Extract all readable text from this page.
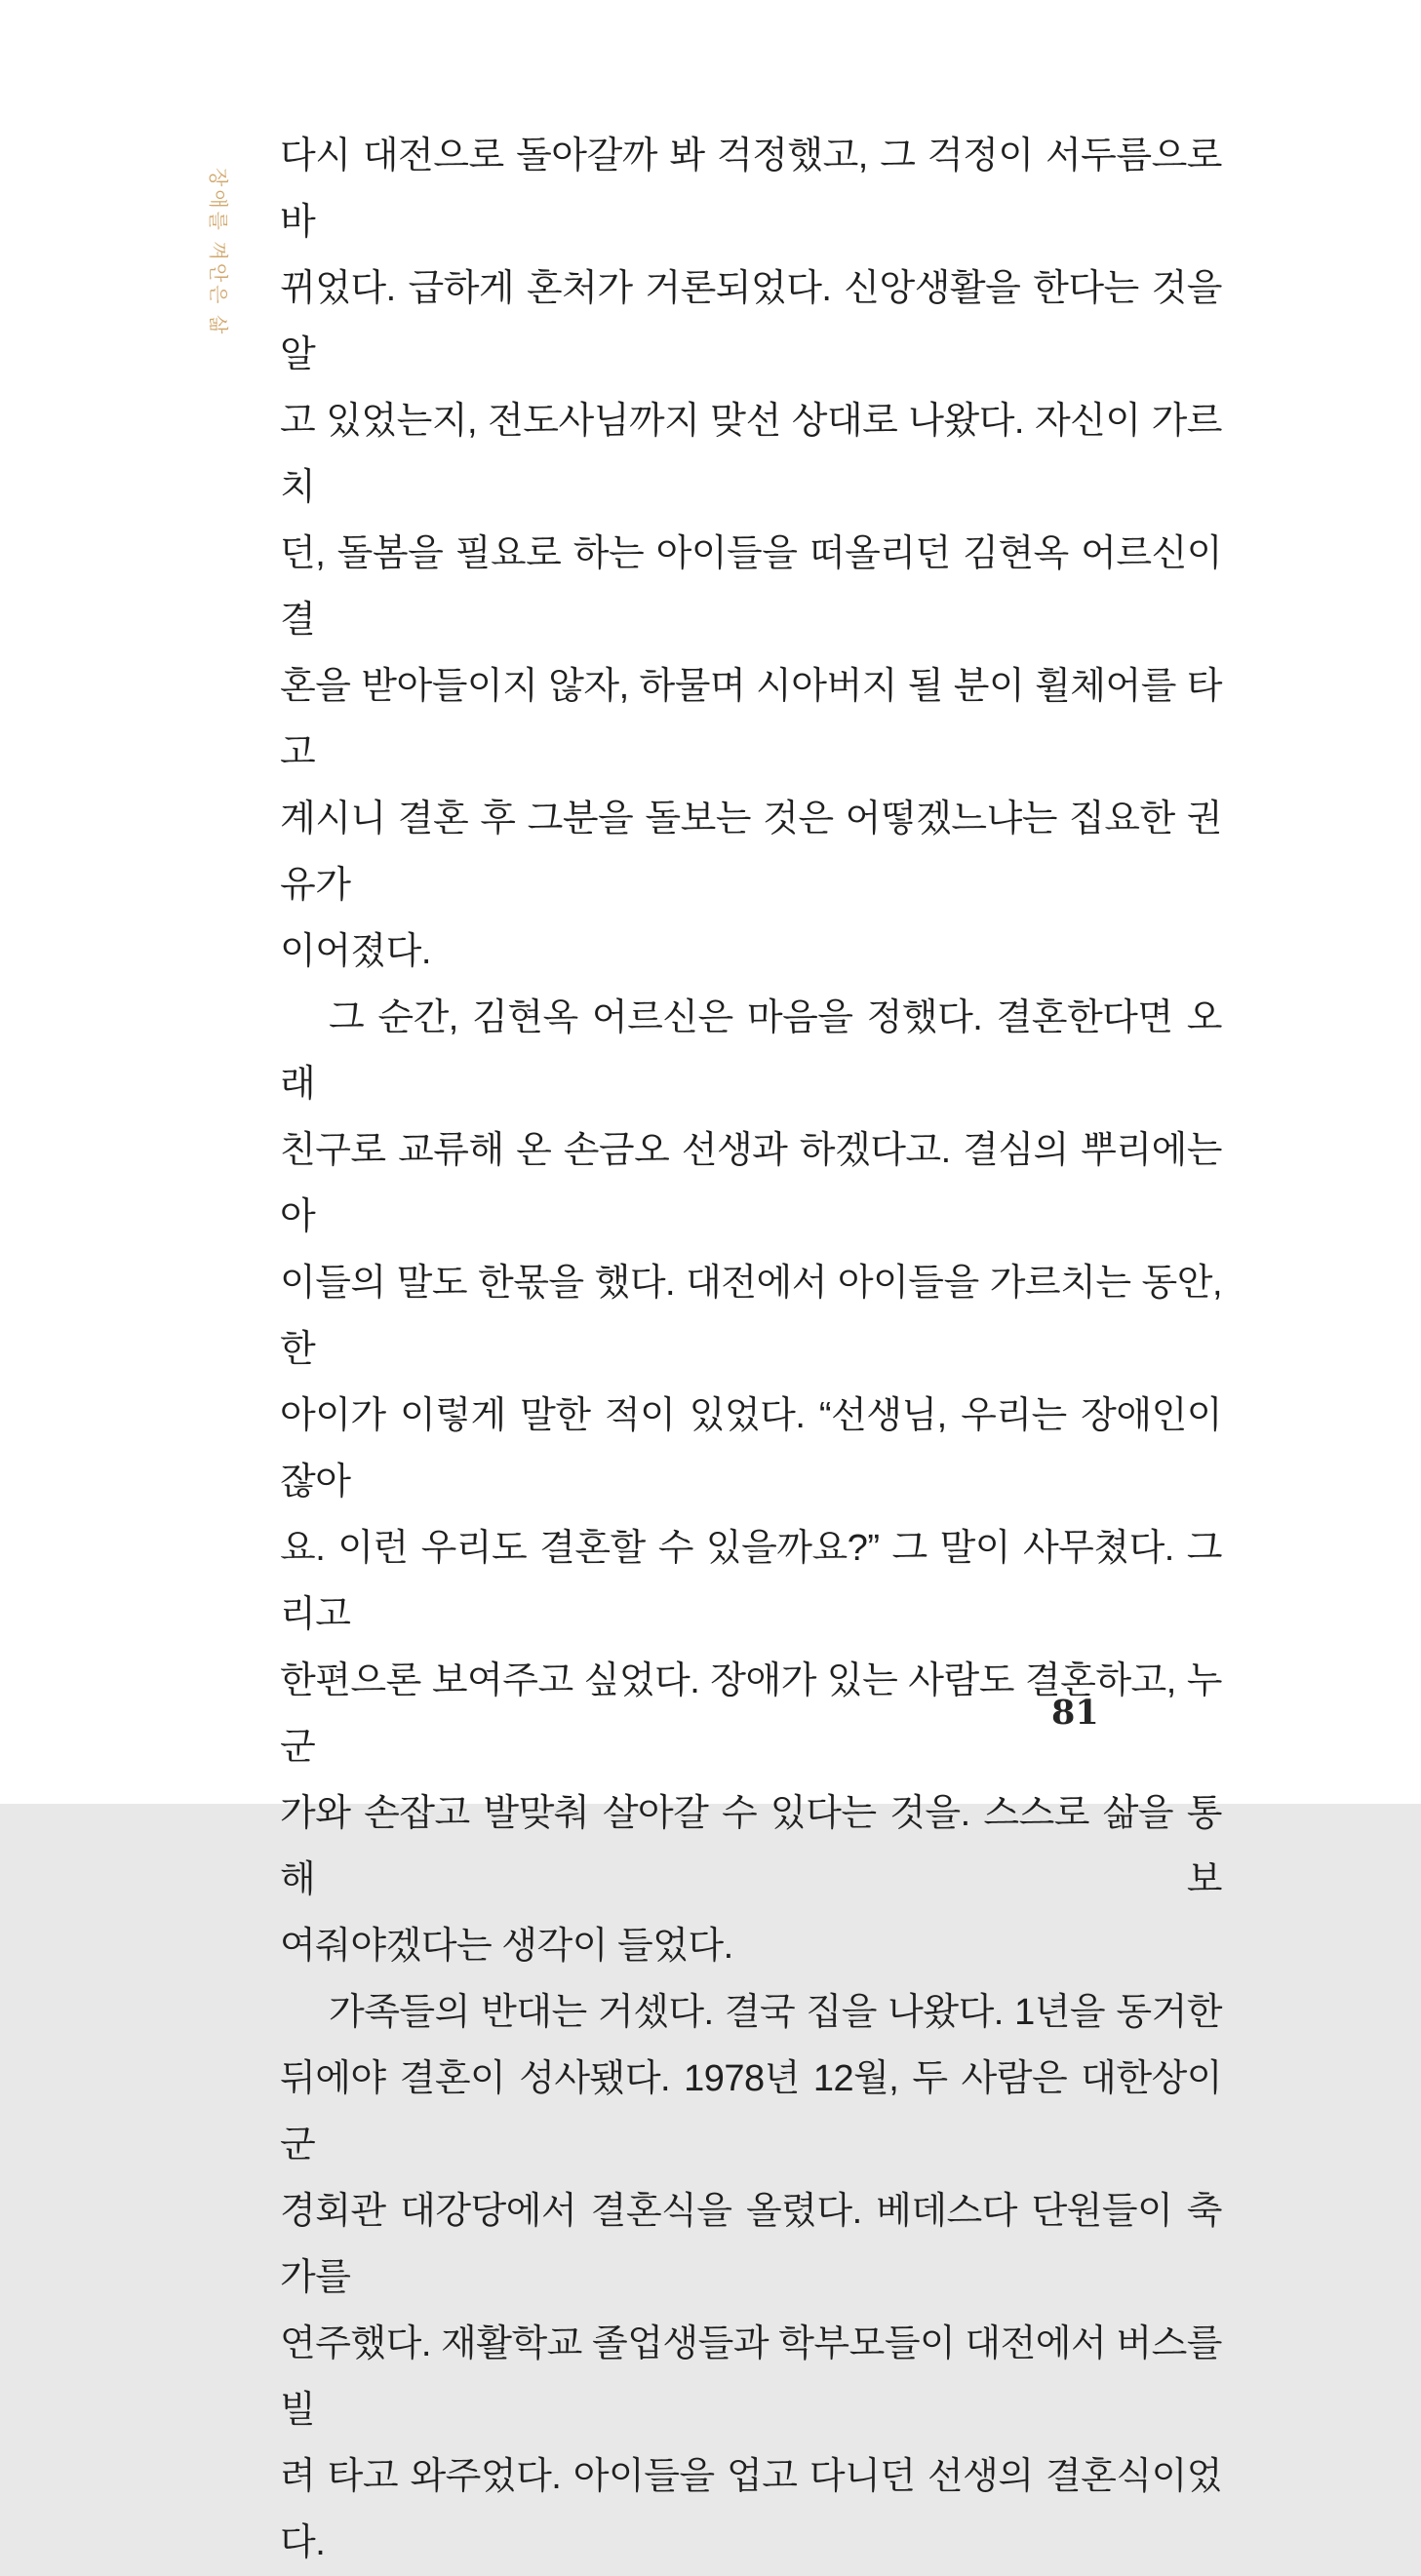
장애를 껴안은 삶
다시 대전으로 돌아갈까 봐 걱정했고, 그 걱정이 서두름으로 바
뀌었다. 급하게 혼처가 거론되었다. 신앙생활을 한다는 것을 알
고 있었는지, 전도사님까지 맞선 상대로 나왔다. 자신이 가르치
던, 돌봄을 필요로 하는 아이들을 떠올리던 김현옥 어르신이 결
혼을 받아들이지 않자, 하물며 시아버지 될 분이 휠체어를 타고
계시니 결혼 후 그분을 돌보는 것은 어떻겠느냐는 집요한 권유가
이어졌다.
그 순간, 김현옥 어르신은 마음을 정했다. 결혼한다면 오래
친구로 교류해 온 손금오 선생과 하겠다고. 결심의 뿌리에는 아
이들의 말도 한몫을 했다. 대전에서 아이들을 가르치는 동안, 한
아이가 이렇게 말한 적이 있었다. “선생님, 우리는 장애인이잖아
요. 이런 우리도 결혼할 수 있을까요?” 그 말이 사무쳤다. 그리고
한편으론 보여주고 싶었다. 장애가 있는 사람도 결혼하고, 누군
가와 손잡고 발맞춰 살아갈 수 있다는 것을. 스스로 삶을 통해 보
여줘야겠다는 생각이 들었다.
가족들의 반대는 거셌다. 결국 집을 나왔다. 1년을 동거한
뒤에야 결혼이 성사됐다. 1978년 12월, 두 사람은 대한상이군
경회관 대강당에서 결혼식을 올렸다. 베데스다 단원들이 축가를
연주했다. 재활학교 졸업생들과 학부모들이 대전에서 버스를 빌
려 타고 와주었다. 아이들을 업고 다니던 선생의 결혼식이었다.
81
